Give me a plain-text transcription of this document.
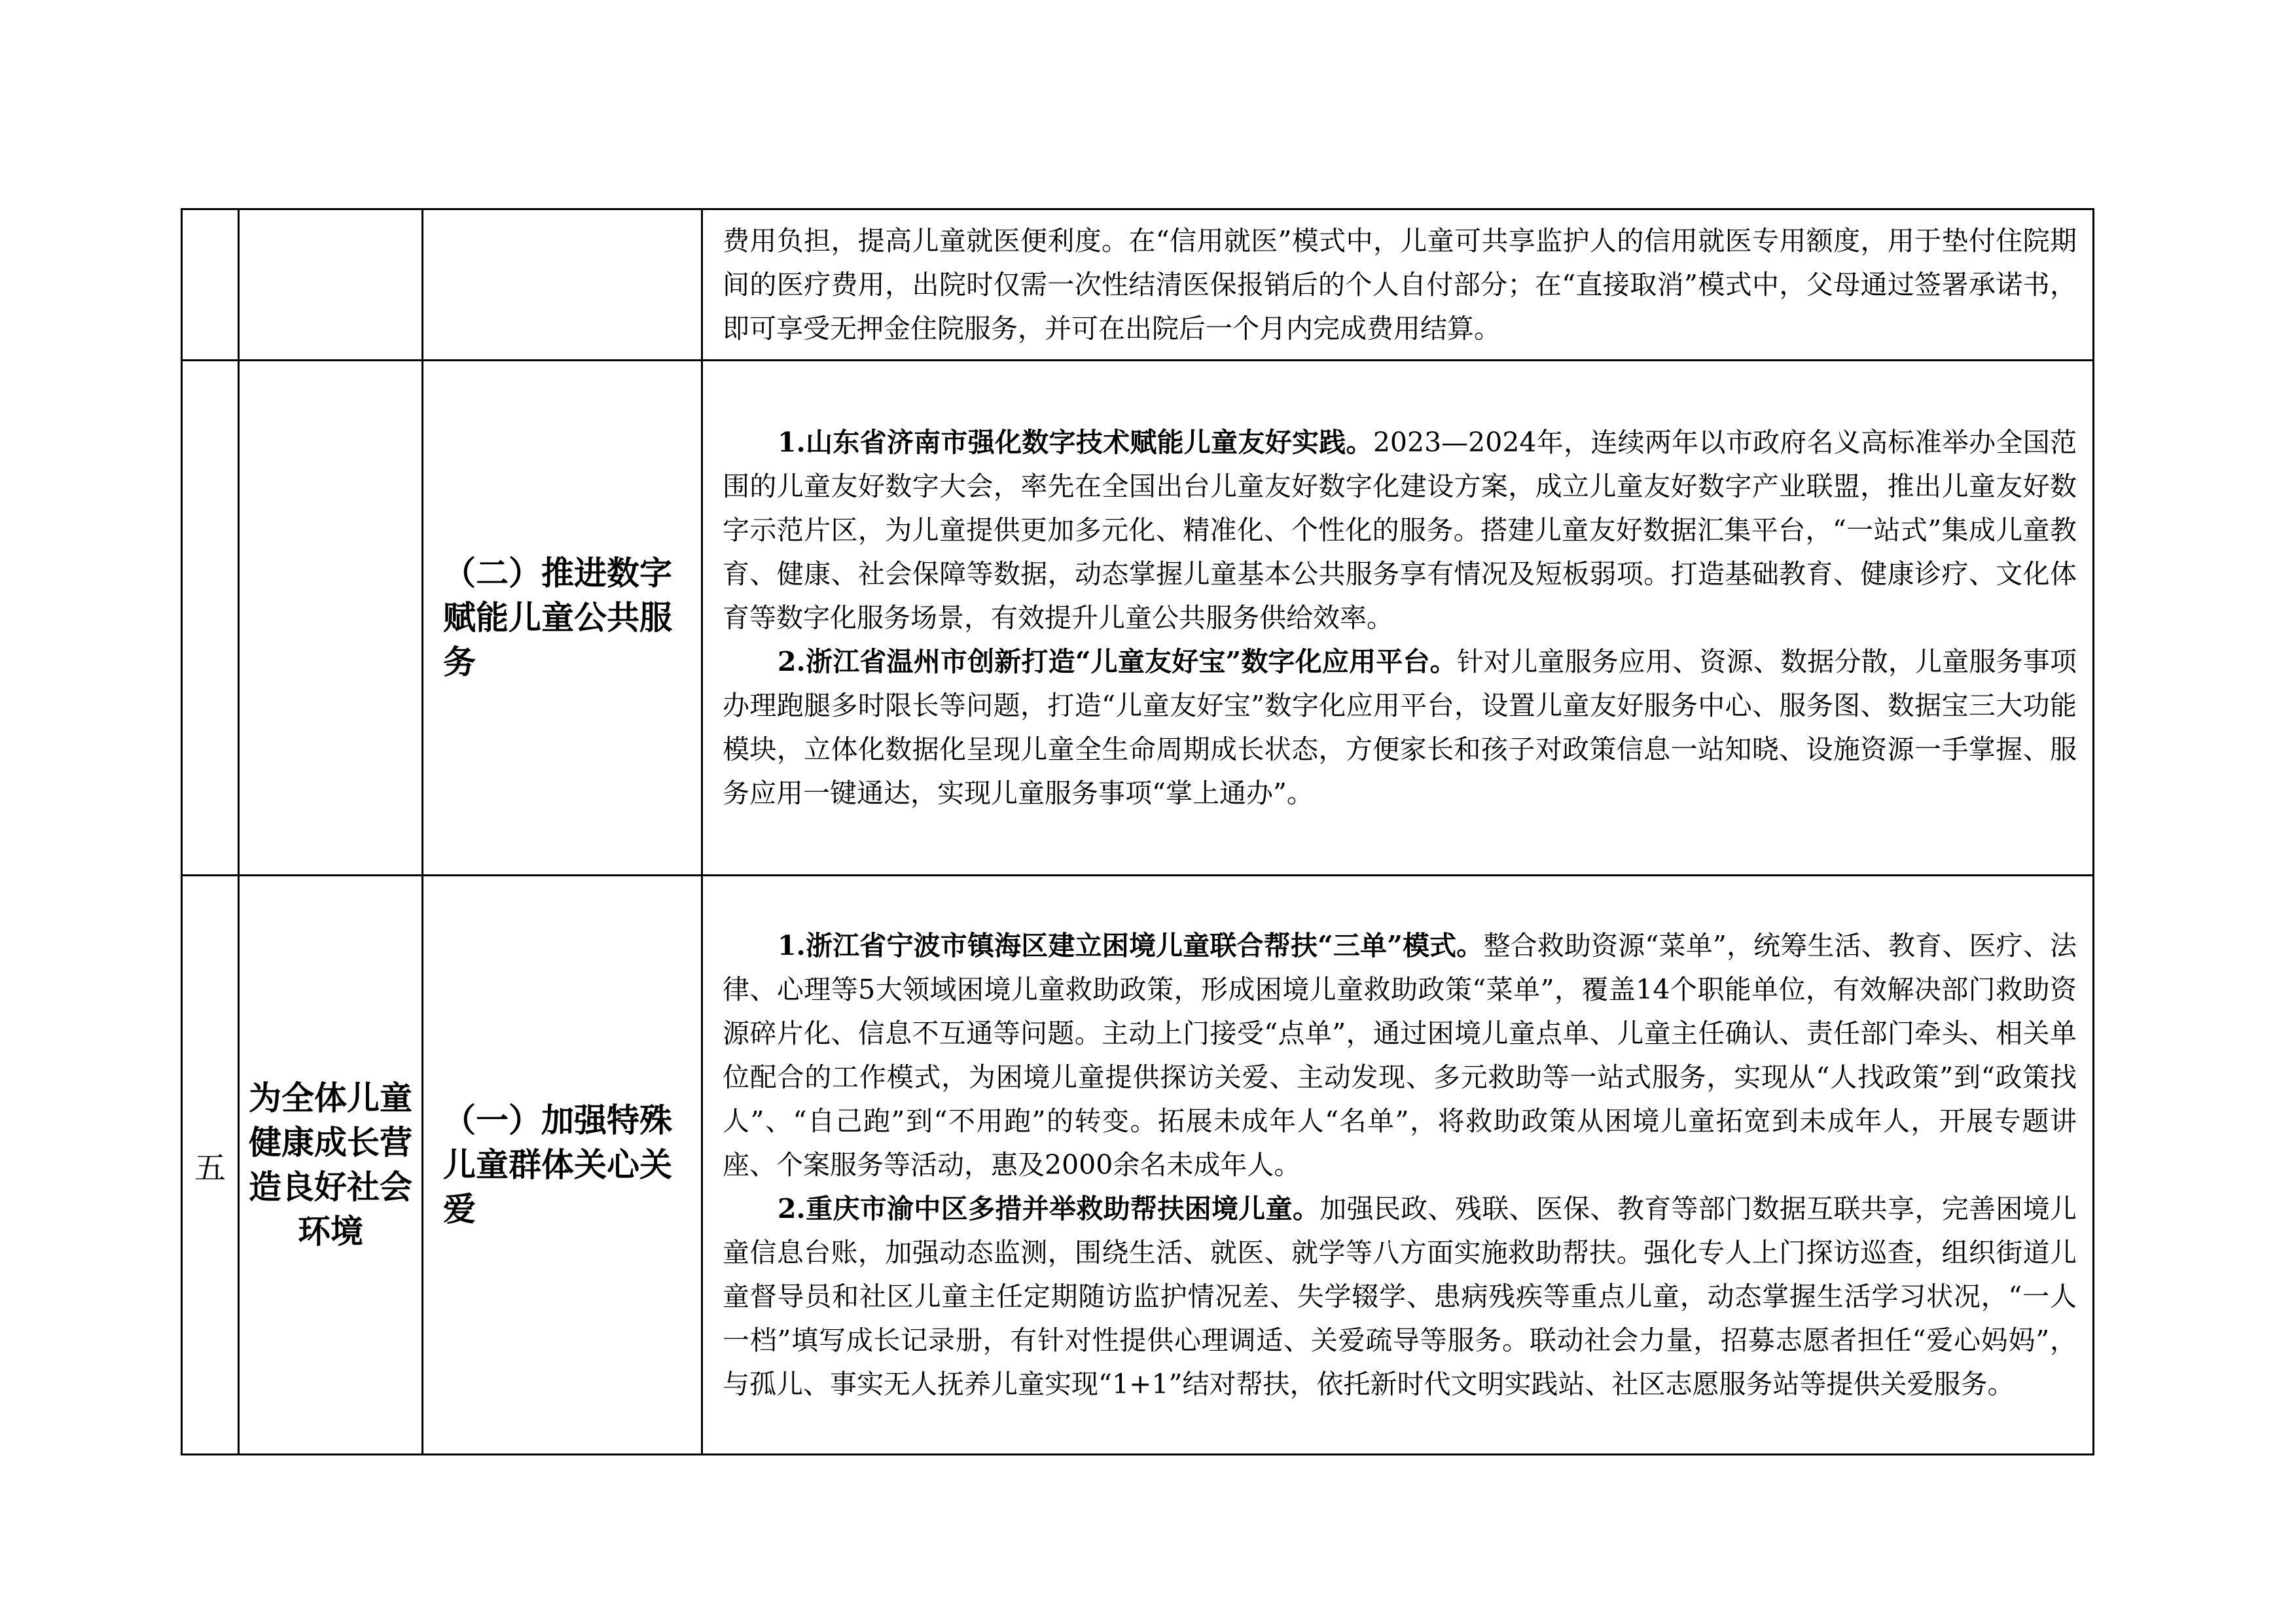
			费用负担，提高儿童就医便利度。在“信用就医”模式中，儿童可共享监护人的信用就医专用额度，用于垫付住院期间的医疗费用，出院时仅需一次性结清医保报销后的个人自付部分；在“直接取消”模式中，父母通过签署承诺书，即可享受无押金住院服务，并可在出院后一个月内完成费用结算。

		（二）推进数字赋能儿童公共服务	1.山东省济南市强化数字技术赋能儿童友好实践。2023—2024年，连续两年以市政府名义高标准举办全国范围的儿童友好数字大会，率先在全国出台儿童友好数字化建设方案，成立儿童友好数字产业联盟，推出儿童友好数字示范片区，为儿童提供更加多元化、精准化、个性化的服务。搭建儿童友好数据汇集平台，“一站式”集成儿童教育、健康、社会保障等数据，动态掌握儿童基本公共服务享有情况及短板弱项。打造基础教育、健康诊疗、文化体育等数字化服务场景，有效提升儿童公共服务供给效率。

2.浙江省温州市创新打造“儿童友好宝”数字化应用平台。针对儿童服务应用、资源、数据分散，儿童服务事项办理跑腿多时限长等问题，打造“儿童友好宝”数字化应用平台，设置儿童友好服务中心、服务图、数据宝三大功能模块，立体化数据化呈现儿童全生命周期成长状态，方便家长和孩子对政策信息一站知晓、设施资源一手掌握、服务应用一键通达，实现儿童服务事项“掌上通办”。

五	为全体儿童健康成长营造良好社会环境	（一）加强特殊儿童群体关心关爱	1.浙江省宁波市镇海区建立困境儿童联合帮扶“三单”模式。整合救助资源“菜单”，统筹生活、教育、医疗、法律、心理等5大领域困境儿童救助政策，形成困境儿童救助政策“菜单”，覆盖14个职能单位，有效解决部门救助资源碎片化、信息不互通等问题。主动上门接受“点单”，通过困境儿童点单、儿童主任确认、责任部门牵头、相关单位配合的工作模式，为困境儿童提供探访关爱、主动发现、多元救助等一站式服务，实现从“人找政策”到“政策找人”、“自己跑”到“不用跑”的转变。拓展未成年人“名单”，将救助政策从困境儿童拓宽到未成年人，开展专题讲座、个案服务等活动，惠及2000余名未成年人。

2.重庆市渝中区多措并举救助帮扶困境儿童。加强民政、残联、医保、教育等部门数据互联共享，完善困境儿童信息台账，加强动态监测，围绕生活、就医、就学等八方面实施救助帮扶。强化专人上门探访巡查，组织街道儿童督导员和社区儿童主任定期随访监护情况差、失学辍学、患病残疾等重点儿童，动态掌握生活学习状况，“一人一档”填写成长记录册，有针对性提供心理调适、关爱疏导等服务。联动社会力量，招募志愿者担任“爱心妈妈”，与孤儿、事实无人抚养儿童实现“1+1”结对帮扶，依托新时代文明实践站、社区志愿服务站等提供关爱服务。
